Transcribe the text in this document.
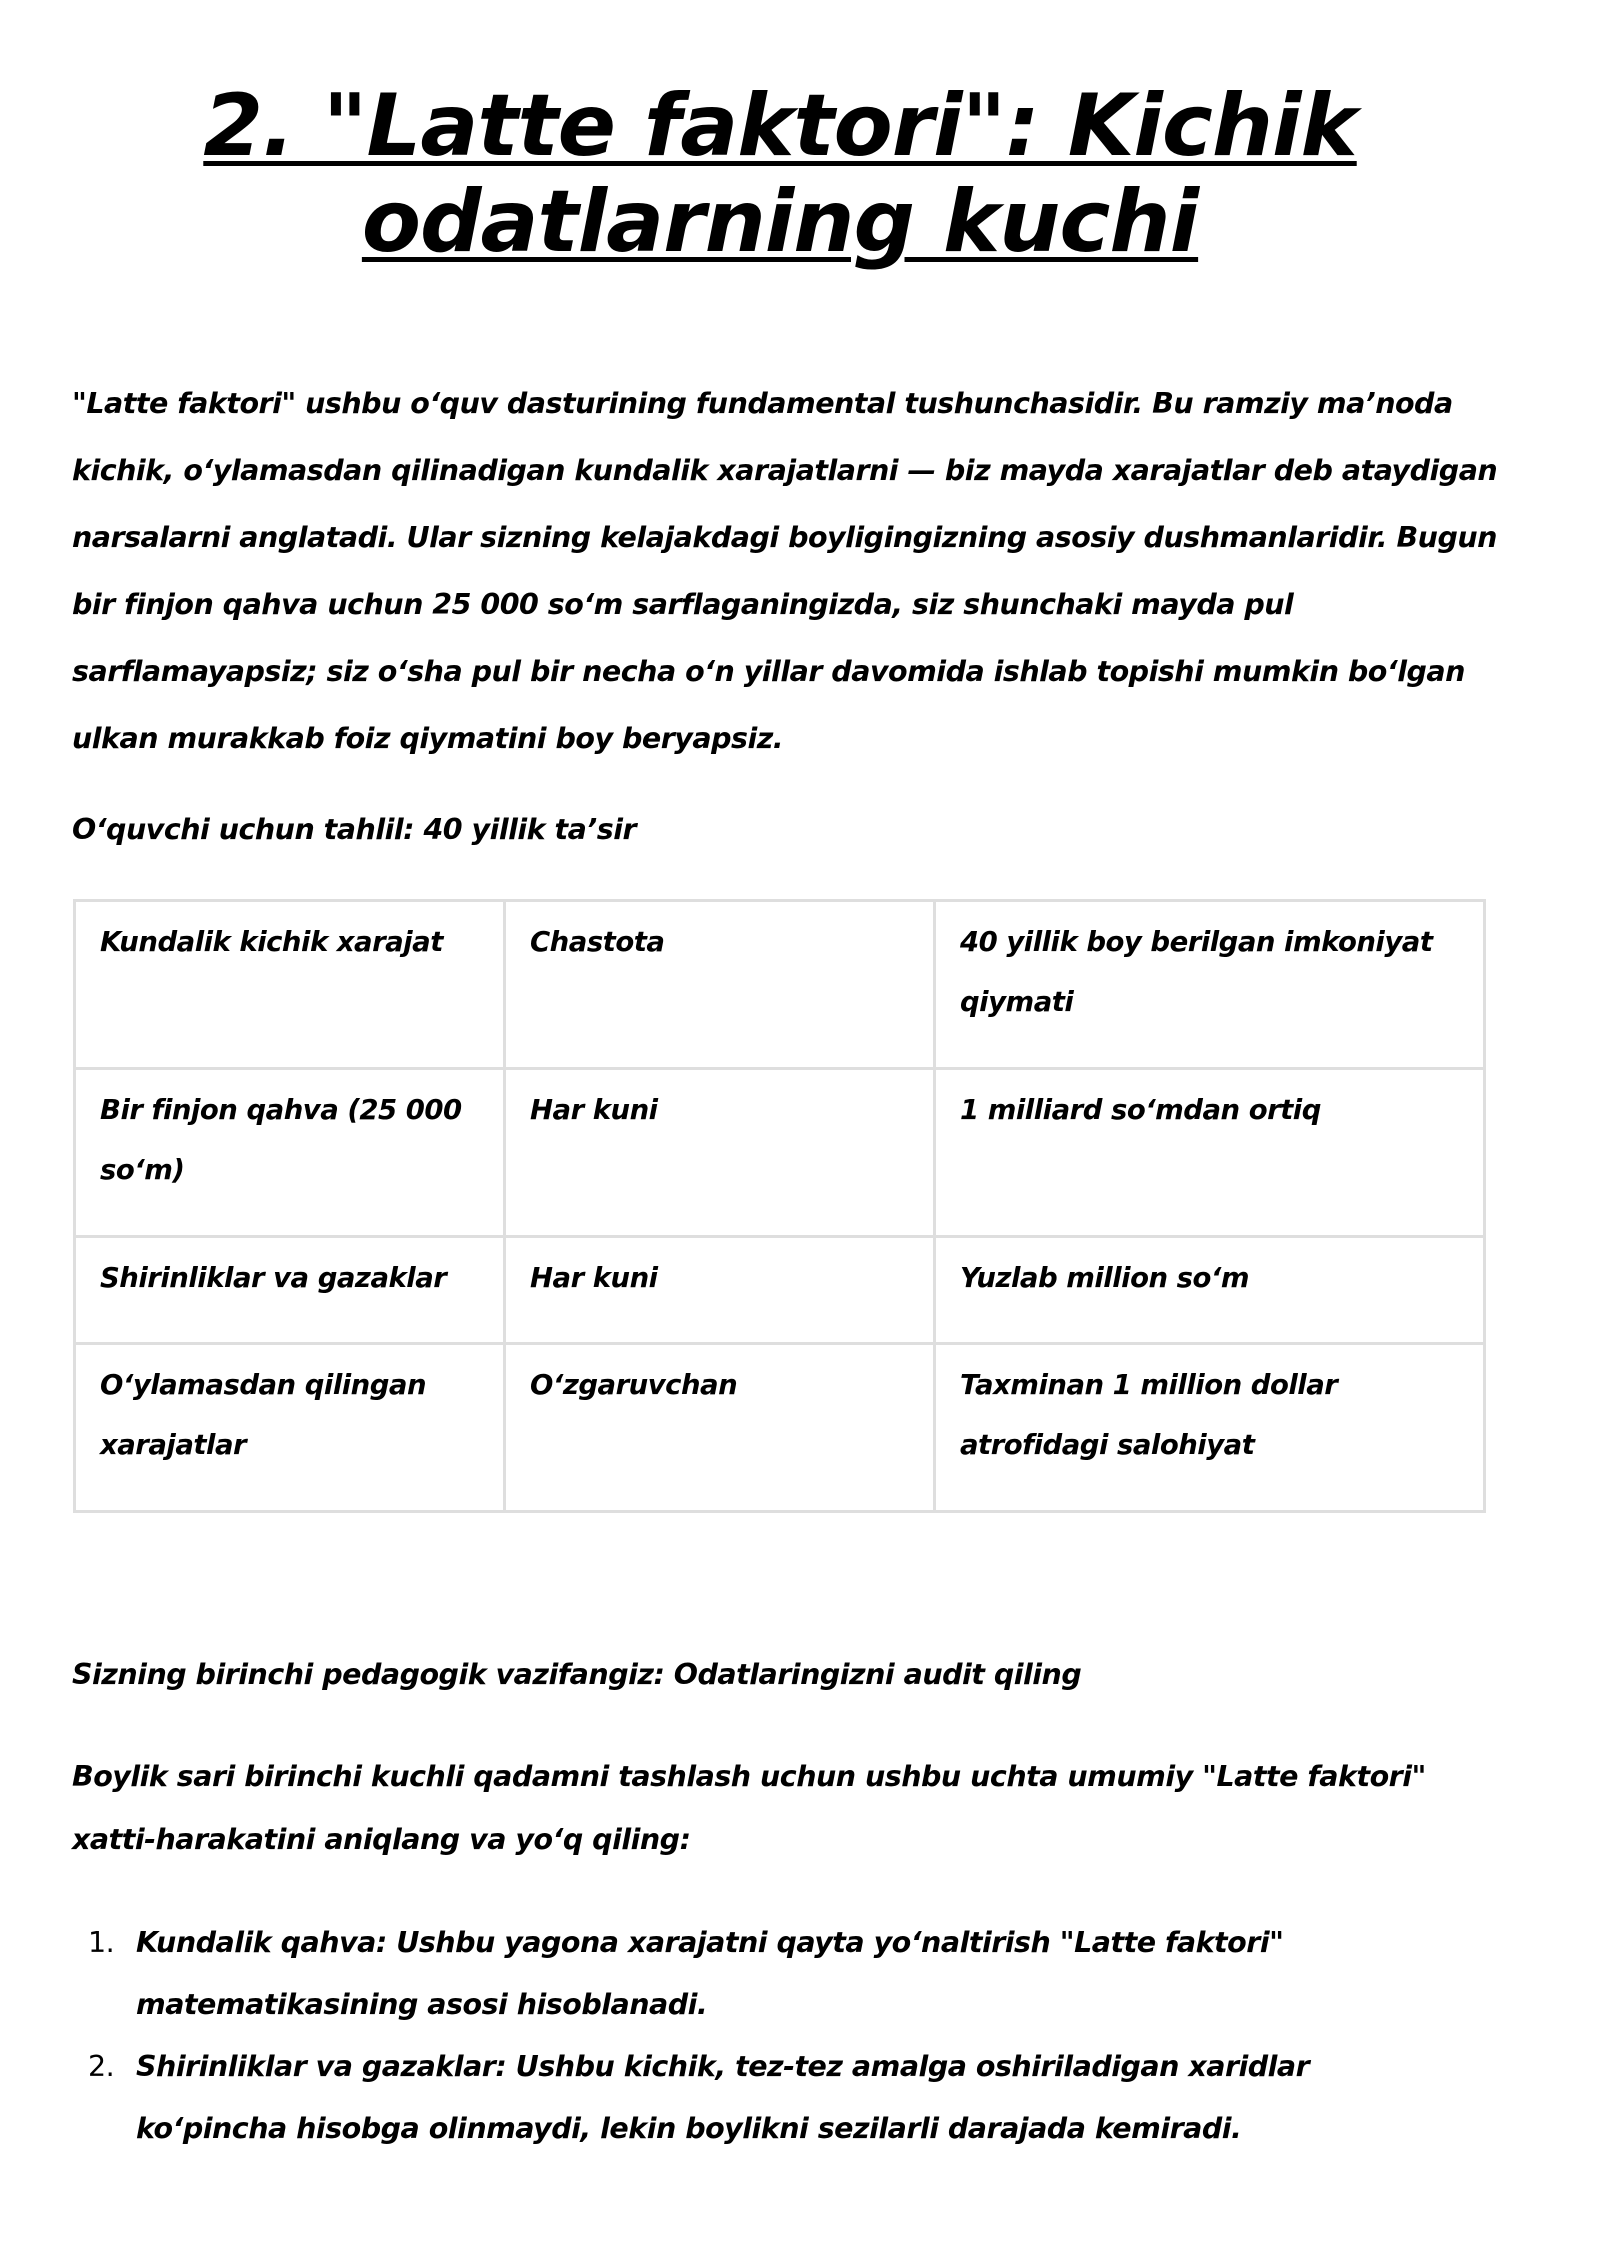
2. "Latte faktori": Kichik
odatlarning kuchi

"Latte faktori" ushbu o‘quv dasturining fundamental tushunchasidir. Bu ramziy ma’noda kichik, o‘ylamasdan qilinadigan kundalik xarajatlarni — biz mayda xarajatlar deb ataydigan narsalarni anglatadi. Ular sizning kelajakdagi boyligingizning asosiy dushmanlaridir. Bugun bir finjon qahva uchun 25 000 so‘m sarflaganingizda, siz shunchaki mayda pul sarflamayapsiz; siz o‘sha pul bir necha o‘n yillar davomida ishlab topishi mumkin bo‘lgan ulkan murakkab foiz qiymatini boy beryapsiz.

O‘quvchi uchun tahlil: 40 yillik ta’sir

Kundalik kichik xarajat	Chastota	40 yillik boy berilgan imkoniyat qiymati

Bir finjon qahva (25 000 so‘m)	Har kuni	1 milliard so‘mdan ortiq

Shirinliklar va gazaklar	Har kuni	Yuzlab million so‘m

O‘ylamasdan qilingan xarajatlar	O‘zgaruvchan	Taxminan 1 million dollar atrofidagi salohiyat

Sizning birinchi pedagogik vazifangiz: Odatlaringizni audit qiling

Boylik sari birinchi kuchli qadamni tashlash uchun ushbu uchta umumiy "Latte faktori" xatti-harakatini aniqlang va yo‘q qiling:

1. Kundalik qahva: Ushbu yagona xarajatni qayta yo‘naltirish "Latte faktori" matematikasining asosi hisoblanadi.
2. Shirinliklar va gazaklar: Ushbu kichik, tez-tez amalga oshiriladigan xaridlar ko‘pincha hisobga olinmaydi, lekin boylikni sezilarli darajada kemiradi.
